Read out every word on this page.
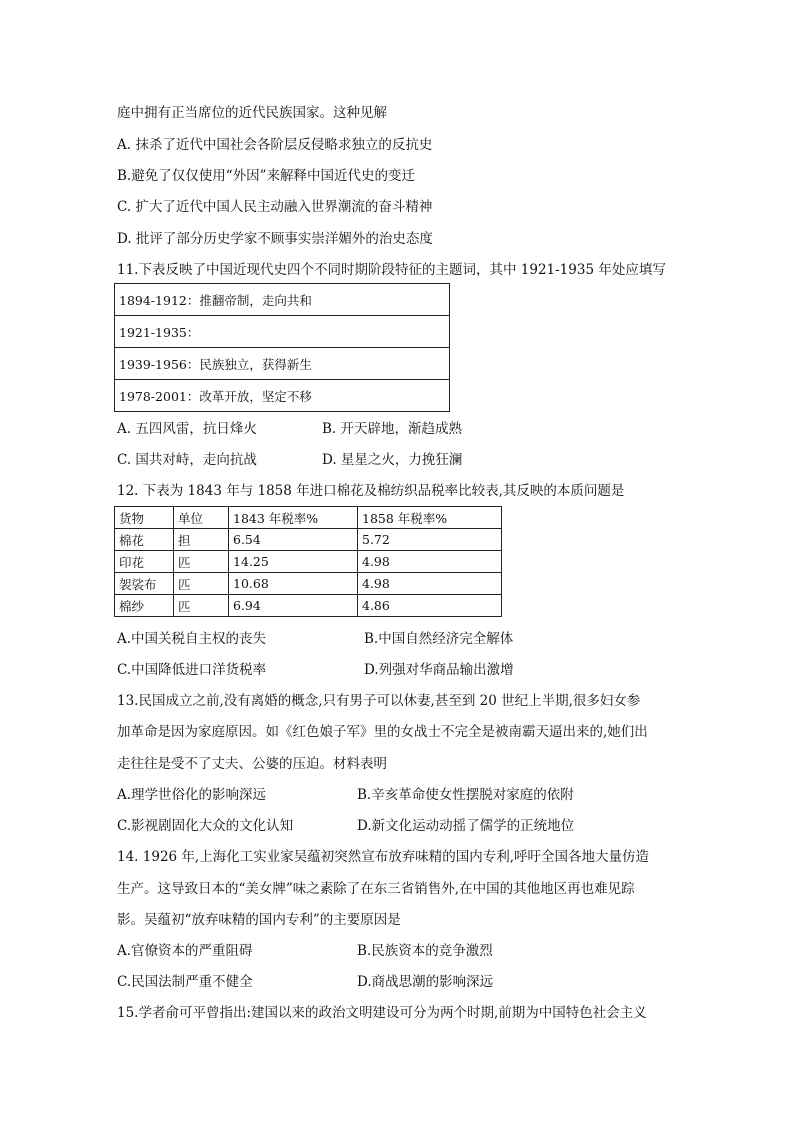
庭中拥有正当席位的近代民族国家。这种见解
A. 抹杀了近代中国社会各阶层反侵略求独立的反抗史
B.避免了仅仅使用“外因”来解释中国近代史的变迁
C. 扩大了近代中国人民主动融入世界潮流的奋斗精神
D. 批评了部分历史学家不顾事实崇洋媚外的治史态度
11.下表反映了中国近现代史四个不同时期阶段特征的主题词，其中 1921-1935 年处应填写
1894-1912：推翻帝制，走向共和
1921-1935：
1939-1956：民族独立，获得新生
1978-2001：改革开放，坚定不移
A. 五四风雷，抗日烽火	B. 开天辟地，渐趋成熟
C. 国共对峙，走向抗战	D. 星星之火，力挽狂澜
12. 下表为 1843 年与 1858 年进口棉花及棉纺织品税率比较表,其反映的本质问题是
货物	单位	1843 年税率%	1858 年税率%
棉花	担	6.54	5.72
印花	匹	14.25	4.98
袈裟布	匹	10.68	4.98
棉纱	匹	6.94	4.86
A.中国关税自主权的丧失	B.中国自然经济完全解体
C.中国降低进口洋货税率	D.列强对华商品输出激增
13.民国成立之前,没有离婚的概念,只有男子可以休妻,甚至到 20 世纪上半期,很多妇女参
加革命是因为家庭原因。如《红色娘子军》里的女战士不完全是被南霸天逼出来的,她们出
走往往是受不了丈夫、公婆的压迫。材料表明
A.理学世俗化的影响深远	B.辛亥革命使女性摆脱对家庭的依附
C.影视剧固化大众的文化认知	D.新文化运动动摇了儒学的正统地位
14. 1926 年,上海化工实业家吴蕴初突然宣布放弃味精的国内专利,呼吁全国各地大量仿造
生产。这导致日本的“美女牌”味之素除了在东三省销售外,在中国的其他地区再也难见踪
影。吴蕴初“放弃味精的国内专利”的主要原因是
A.官僚资本的严重阻碍	B.民族资本的竞争激烈
C.民国法制严重不健全	D.商战思潮的影响深远
15.学者俞可平曾指出:建国以来的政治文明建设可分为两个时期,前期为中国特色社会主义
